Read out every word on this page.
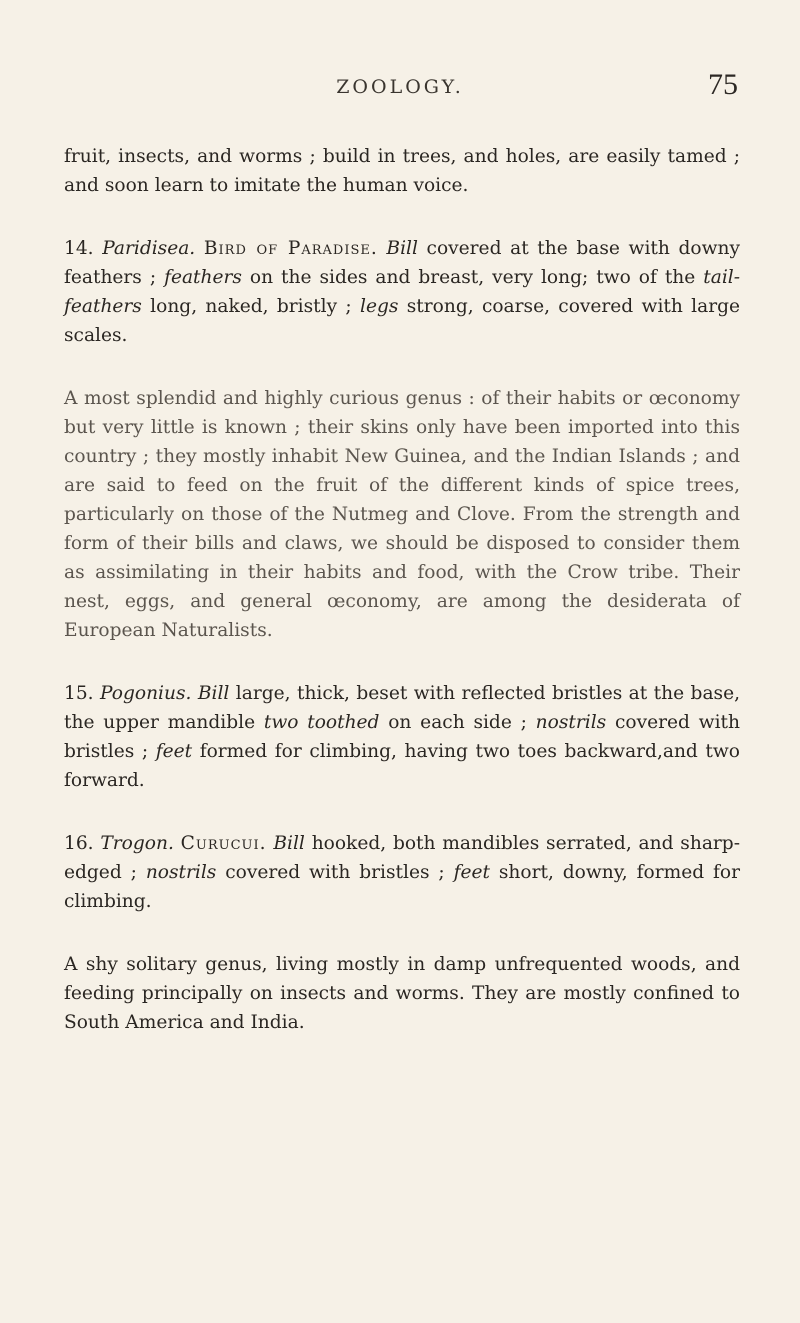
ZOOLOGY.	75

fruit, insects, and worms ; build in trees, and holes, are easily tamed ; and soon learn to imitate the human voice.

14. Paridisea. Bird of Paradise. Bill covered at the base with downy feathers ; feathers on the sides and breast, very long; two of the tail-feathers long, naked, bristly ; legs strong, coarse, covered with large scales.

A most splendid and highly curious genus : of their habits or œconomy but very little is known ; their skins only have been imported into this country ; they mostly inhabit New Guinea, and the Indian Islands ; and are said to feed on the fruit of the different kinds of spice trees, particularly on those of the Nutmeg and Clove. From the strength and form of their bills and claws, we should be disposed to consider them as assimilating in their habits and food, with the Crow tribe. Their nest, eggs, and general œconomy, are among the desiderata of European Naturalists.

15. Pogonius. Bill large, thick, beset with reflected bristles at the base, the upper mandible two toothed on each side ; nostrils covered with bristles ; feet formed for climbing, having two toes backward,and two forward.

16. Trogon. Curucui. Bill hooked, both mandibles serrated, and sharp-edged ; nostrils covered with bristles ; feet short, downy, formed for climbing.

A shy solitary genus, living mostly in damp unfrequented woods, and feeding principally on insects and worms. They are mostly confined to South America and India.
